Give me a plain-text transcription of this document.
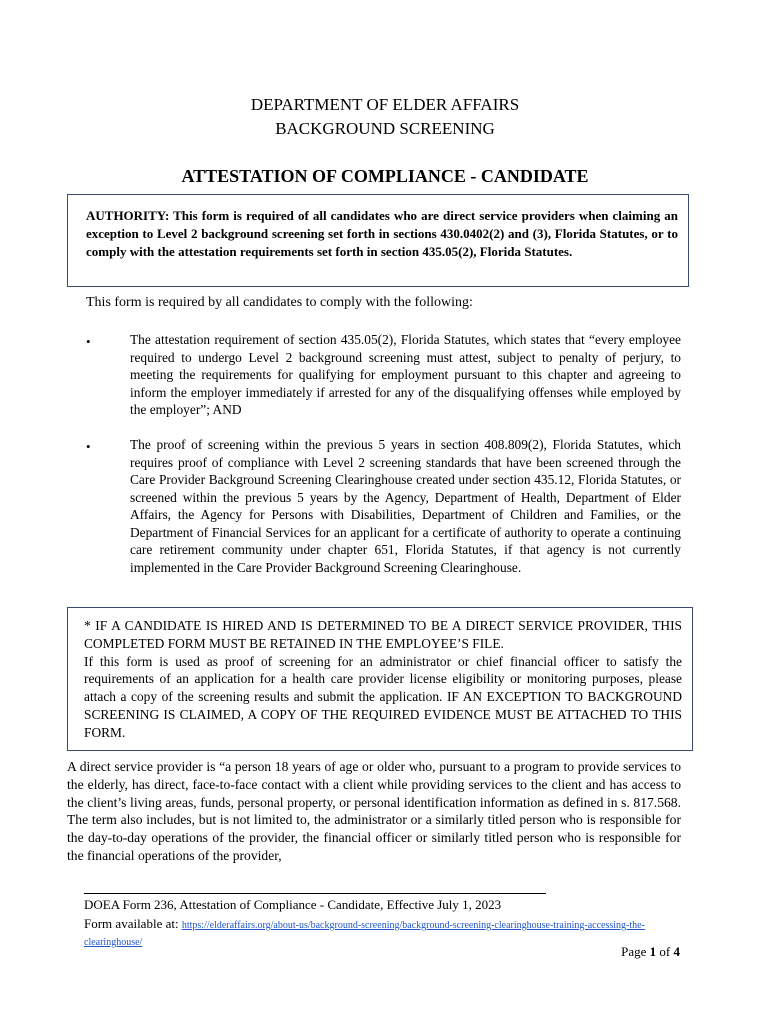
DEPARTMENT OF ELDER AFFAIRS
BACKGROUND SCREENING
ATTESTATION OF COMPLIANCE - CANDIDATE

AUTHORITY: This form is required of all candidates who are direct service providers when claiming an exception to Level 2 background screening set forth in sections 430.0402(2) and (3), Florida Statutes, or to comply with the attestation requirements set forth in section 435.05(2), Florida Statutes.

This form is required by all candidates to comply with the following:
•	The attestation requirement of section 435.05(2), Florida Statutes, which states that “every employee required to undergo Level 2 background screening must attest, subject to penalty of perjury, to meeting the requirements for qualifying for employment pursuant to this chapter and agreeing to inform the employer immediately if arrested for any of the disqualifying offenses while employed by the employer”; AND

•	The proof of screening within the previous 5 years in section 408.809(2), Florida Statutes, which requires proof of compliance with Level 2 screening standards that have been screened through the Care Provider Background Screening Clearinghouse created under section 435.12, Florida Statutes, or screened within the previous 5 years by the Agency, Department of Health, Department of Elder Affairs, the Agency for Persons with Disabilities, Department of Children and Families, or the Department of Financial Services for an applicant for a certificate of authority to operate a continuing care retirement community under chapter 651, Florida Statutes, if that agency is not currently implemented in the Care Provider Background Screening Clearinghouse.

* IF A CANDIDATE IS HIRED AND IS DETERMINED TO BE A DIRECT SERVICE PROVIDER, THIS COMPLETED FORM MUST BE RETAINED IN THE EMPLOYEE’S FILE.

If this form is used as proof of screening for an administrator or chief financial officer to satisfy the requirements of an application for a health care provider license eligibility or monitoring purposes, please attach a copy of the screening results and submit the application. IF AN EXCEPTION TO BACKGROUND SCREENING IS CLAIMED, A COPY OF THE REQUIRED EVIDENCE MUST BE ATTACHED TO THIS FORM.

A direct service provider is “a person 18 years of age or older who, pursuant to a program to provide services to the elderly, has direct, face-to-face contact with a client while providing services to the client and has access to the client’s living areas, funds, personal property, or personal identification information as defined in s. 817.568. The term also includes, but is not limited to, the administrator or a similarly titled person who is responsible for the day-to-day operations of the provider, the financial officer or similarly titled person who is responsible for the financial operations of the provider,

DOEA Form 236, Attestation of Compliance - Candidate, Effective July 1, 2023

Form available at: https://elderaffairs.org/about-us/background-screening/background-screening-clearinghouse-training-accessing-the-clearinghouse/

Page 1 of 4
